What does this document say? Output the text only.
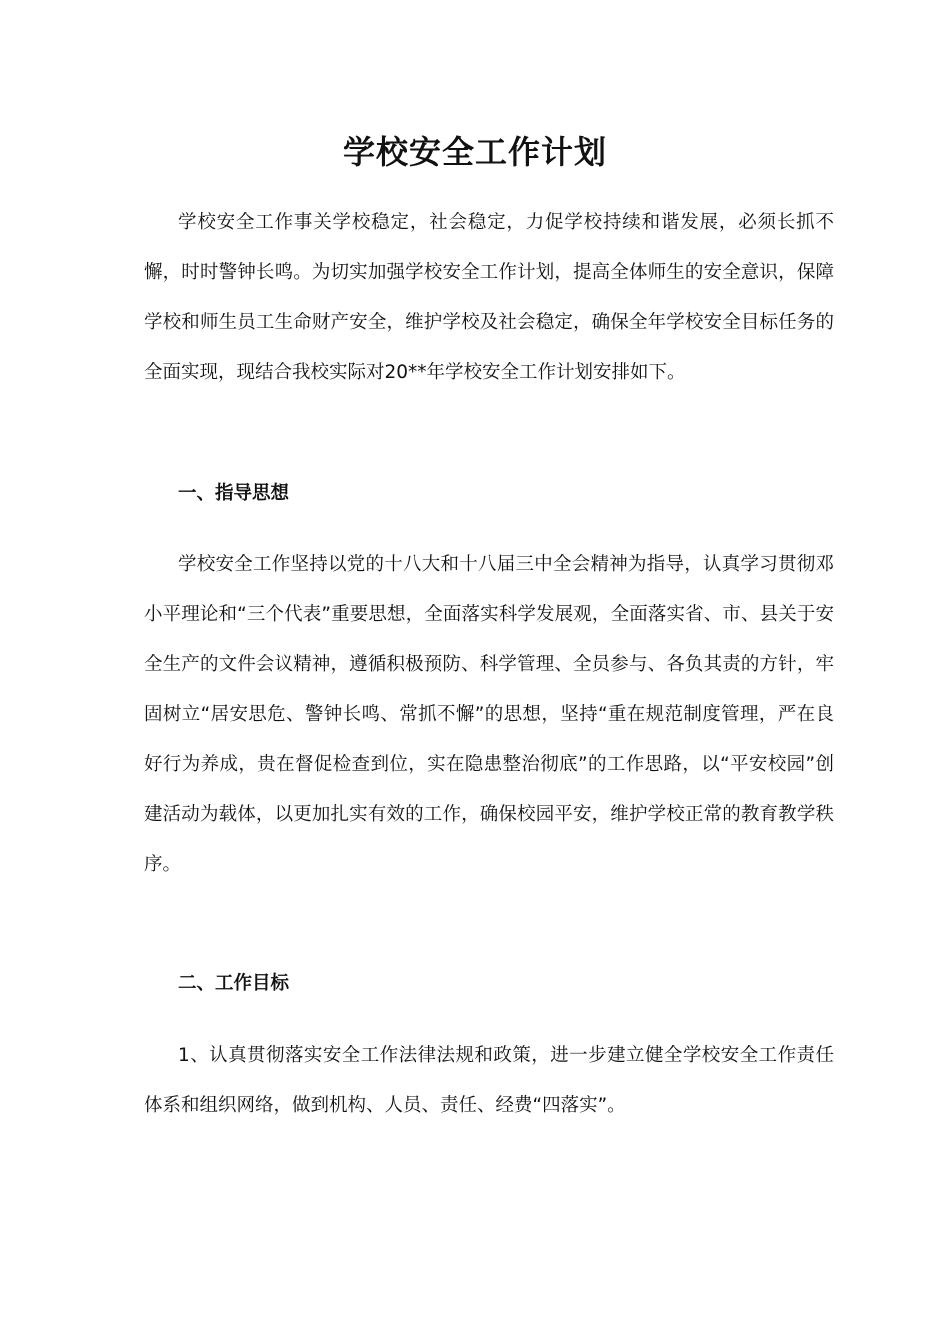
学校安全工作计划

学校安全工作事关学校稳定，社会稳定，力促学校持续和谐发展，必须长抓不懈，时时警钟长鸣。为切实加强学校安全工作计划，提高全体师生的安全意识，保障学校和师生员工生命财产安全，维护学校及社会稳定，确保全年学校安全目标任务的全面实现，现结合我校实际对20**年学校安全工作计划安排如下。

一、指导思想

学校安全工作坚持以党的十八大和十八届三中全会精神为指导，认真学习贯彻邓小平理论和“三个代表”重要思想，全面落实科学发展观，全面落实省、市、县关于安全生产的文件会议精神，遵循积极预防、科学管理、全员参与、各负其责的方针，牢固树立“居安思危、警钟长鸣、常抓不懈”的思想，坚持“重在规范制度管理，严在良好行为养成，贵在督促检查到位，实在隐患整治彻底”的工作思路，以“平安校园”创建活动为载体，以更加扎实有效的工作，确保校园平安，维护学校正常的教育教学秩序。

二、工作目标

1、认真贯彻落实安全工作法律法规和政策，进一步建立健全学校安全工作责任体系和组织网络，做到机构、人员、责任、经费“四落实”。
